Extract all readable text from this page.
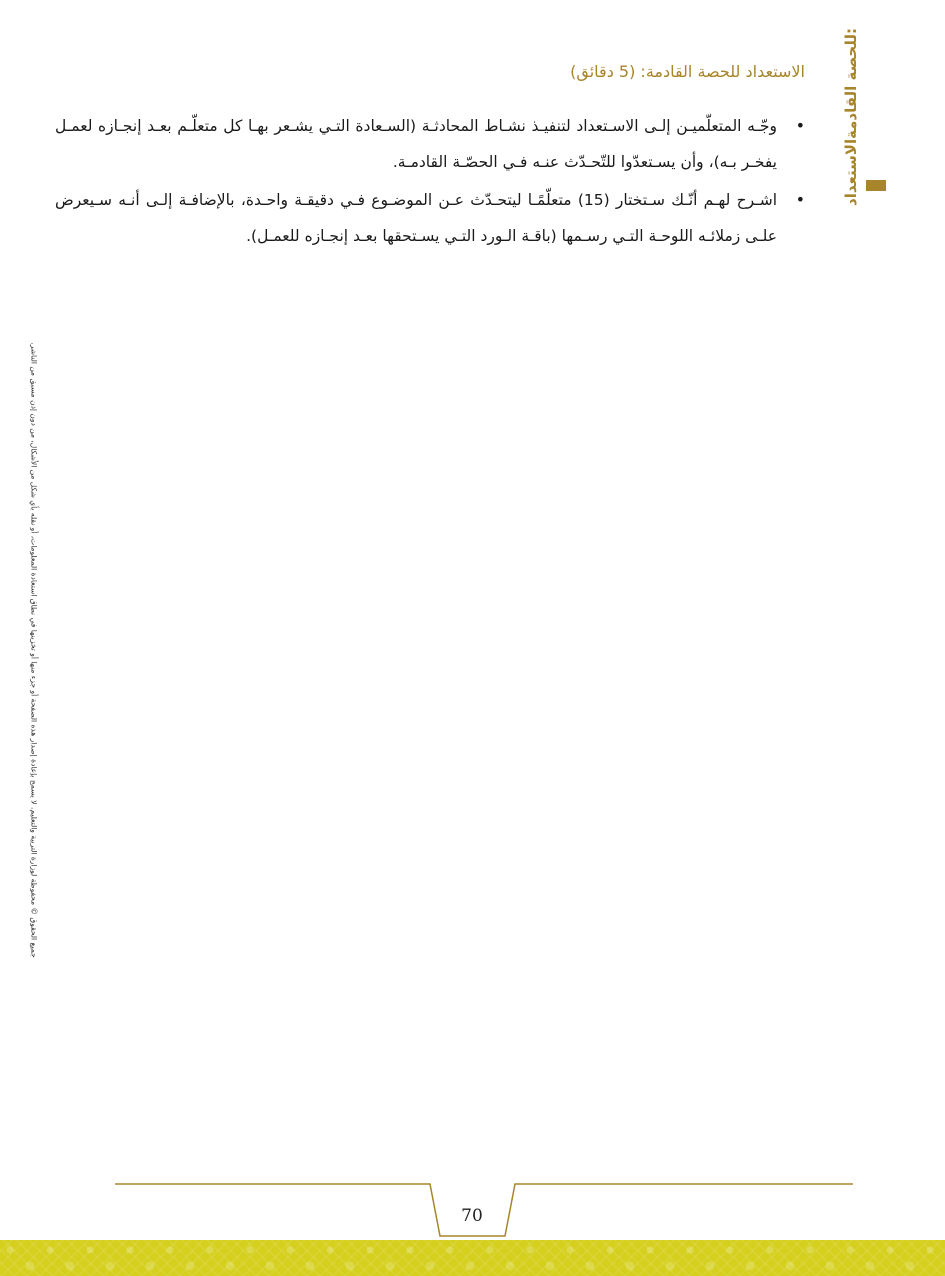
الاستعداد
للحصة القادمة:
الاستعداد للحصة القادمة: (5 دقائق)
• وجّـه المتعلّميـن إلـى الاسـتعداد لتنفيـذ نشـاط المحادثـة (السـعادة التـي يشـعر بهـا كل متعلّـم بعـد إنجـازه لعمـل يفخـر بـه)، وأن يسـتعدّوا للتّحـدّث عنـه فـي الحصّـة القادمـة.
• اشـرح لهـم أنّـك سـتختار (15) متعلّمًـا ليتحـدّث عـن الموضـوع فـي دقيقـة واحـدة، بالإضافـة إلـى أنـه سـيعرض علـى زملائـه اللوحـة التـي رسـمها (باقـة الـورد التـي يسـتحقها بعـد إنجـازه للعمـل).
جميع الحقوق © محفوظة لوزارة التربية والتعليم. لا يسمح بإعادة إصدار هذه الصفحة أو جزء منها أو تخزينها في نطاق استعادة المعلومات، أو نقله بأي شكل من الأشكال، من دون إذن مسبق من الناشر.
70
